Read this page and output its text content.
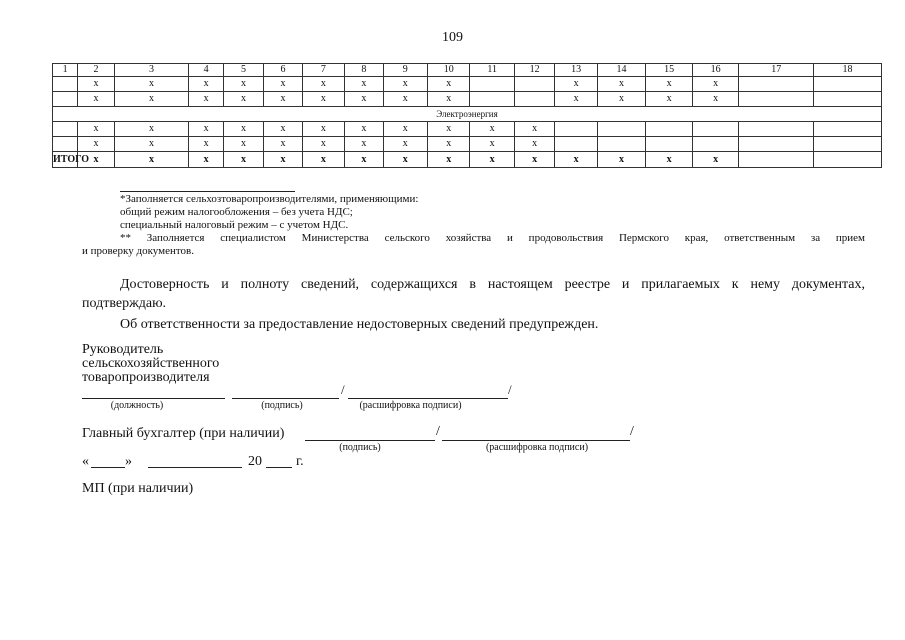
109
1	2	3	4	5	6	7	8	9	10	11	12	13	14	15	16	17	18
	x	x	x	x	x	x	x	x	x			x	x	x	x		
	x	x	x	x	x	x	x	x	x			x	x	x	x		
Электроэнергия																	
	x	x	x	x	x	x	x	x	x	x	x						
	x	x	x	x	x	x	x	x	x	x	x						
ИТОГО	x	x	x	x	x	x	x	x	x	x	x	x	x	x	x		
*Заполняется сельхозтоваропроизводителями, применяющими:
общий режим налогообложения – без учета НДС;
специальный налоговый режим – с учетом НДС.
** Заполняется специалистом Министерства сельского хозяйства и продовольствия Пермского края, ответственным за прием
и проверку документов.
Достоверность и полноту сведений, содержащихся в настоящем реестре и прилагаемых к нему документах,
подтверждаю.
Об ответственности за предоставление недостоверных сведений предупрежден.
Руководитель
сельскохозяйственного
товаропроизводителя
/	/
(должность)	(подпись)	(расшифровка подписи)
Главный бухгалтер (при наличии)	/	/
(подпись)	(расшифровка подписи)
«	»	20 г.
МП (при наличии)
